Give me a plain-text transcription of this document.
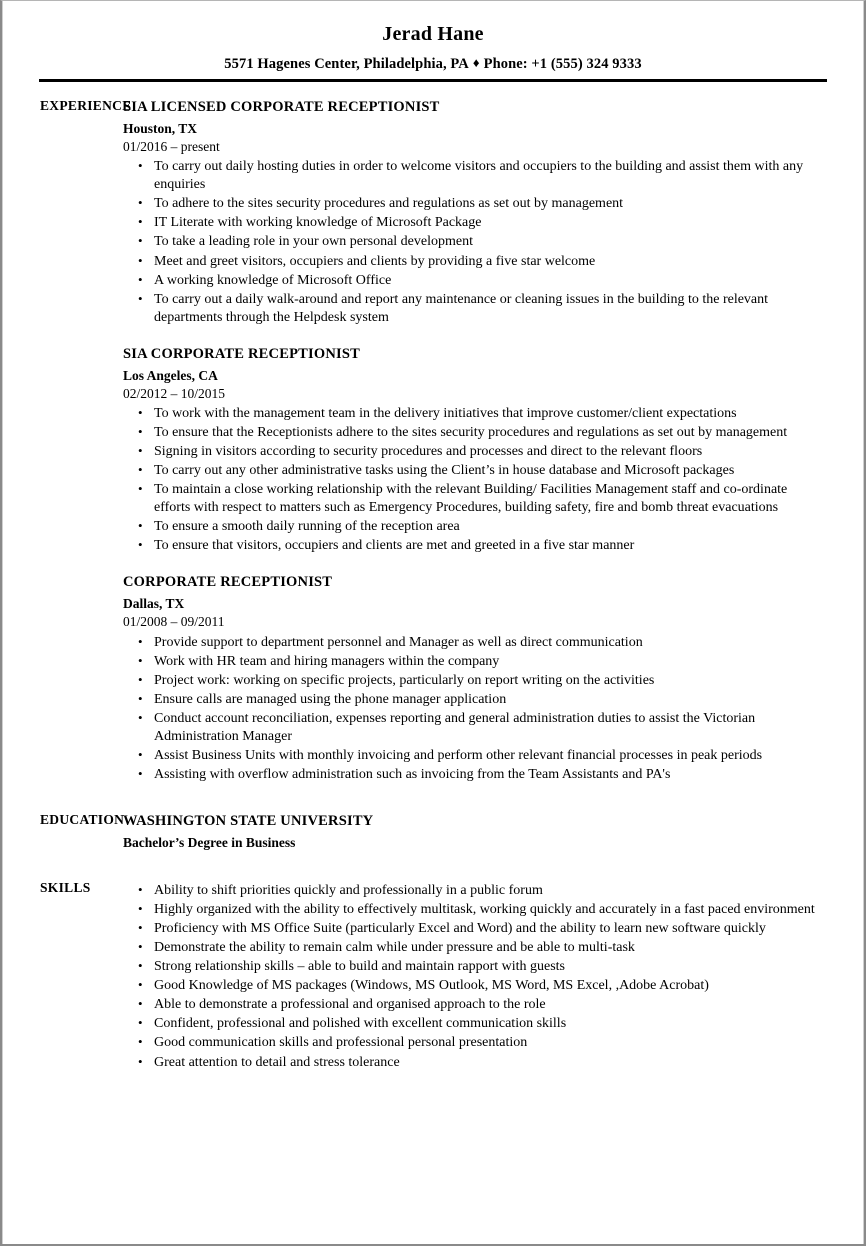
Jerad Hane
5571 Hagenes Center, Philadelphia, PA ♦ Phone: +1 (555) 324 9333
EXPERIENCE
SIA LICENSED CORPORATE RECEPTIONIST
Houston, TX
01/2016 – present
• To carry out daily hosting duties in order to welcome visitors and occupiers to the building and assist them with any enquiries
• To adhere to the sites security procedures and regulations as set out by management
• IT Literate with working knowledge of Microsoft Package
• To take a leading role in your own personal development
• Meet and greet visitors, occupiers and clients by providing a five star welcome
• A working knowledge of Microsoft Office
• To carry out a daily walk-around and report any maintenance or cleaning issues in the building to the relevant departments through the Helpdesk system
SIA CORPORATE RECEPTIONIST
Los Angeles, CA
02/2012 – 10/2015
• To work with the management team in the delivery initiatives that improve customer/client expectations
• To ensure that the Receptionists adhere to the sites security procedures and regulations as set out by management
• Signing in visitors according to security procedures and processes and direct to the relevant floors
• To carry out any other administrative tasks using the Client’s in house database and Microsoft packages
• To maintain a close working relationship with the relevant Building/ Facilities Management staff and co-ordinate efforts with respect to matters such as Emergency Procedures, building safety, fire and bomb threat evacuations
• To ensure a smooth daily running of the reception area
• To ensure that visitors, occupiers and clients are met and greeted in a five star manner
CORPORATE RECEPTIONIST
Dallas, TX
01/2008 – 09/2011
• Provide support to department personnel and Manager as well as direct communication
• Work with HR team and hiring managers within the company
• Project work: working on specific projects, particularly on report writing on the activities
• Ensure calls are managed using the phone manager application
• Conduct account reconciliation, expenses reporting and general administration duties to assist the Victorian Administration Manager
• Assist Business Units with monthly invoicing and perform other relevant financial processes in peak periods
• Assisting with overflow administration such as invoicing from the Team Assistants and PA's
EDUCATION
WASHINGTON STATE UNIVERSITY
Bachelor’s Degree in Business
SKILLS	• Ability to shift priorities quickly and professionally in a public forum
• Highly organized with the ability to effectively multitask, working quickly and accurately in a fast paced environment
• Proficiency with MS Office Suite (particularly Excel and Word) and the ability to learn new software quickly
• Demonstrate the ability to remain calm while under pressure and be able to multi-task
• Strong relationship skills – able to build and maintain rapport with guests
• Good Knowledge of MS packages (Windows, MS Outlook, MS Word, MS Excel, ,Adobe Acrobat)
• Able to demonstrate a professional and organised approach to the role
• Confident, professional and polished with excellent communication skills
• Good communication skills and professional personal presentation
• Great attention to detail and stress tolerance
